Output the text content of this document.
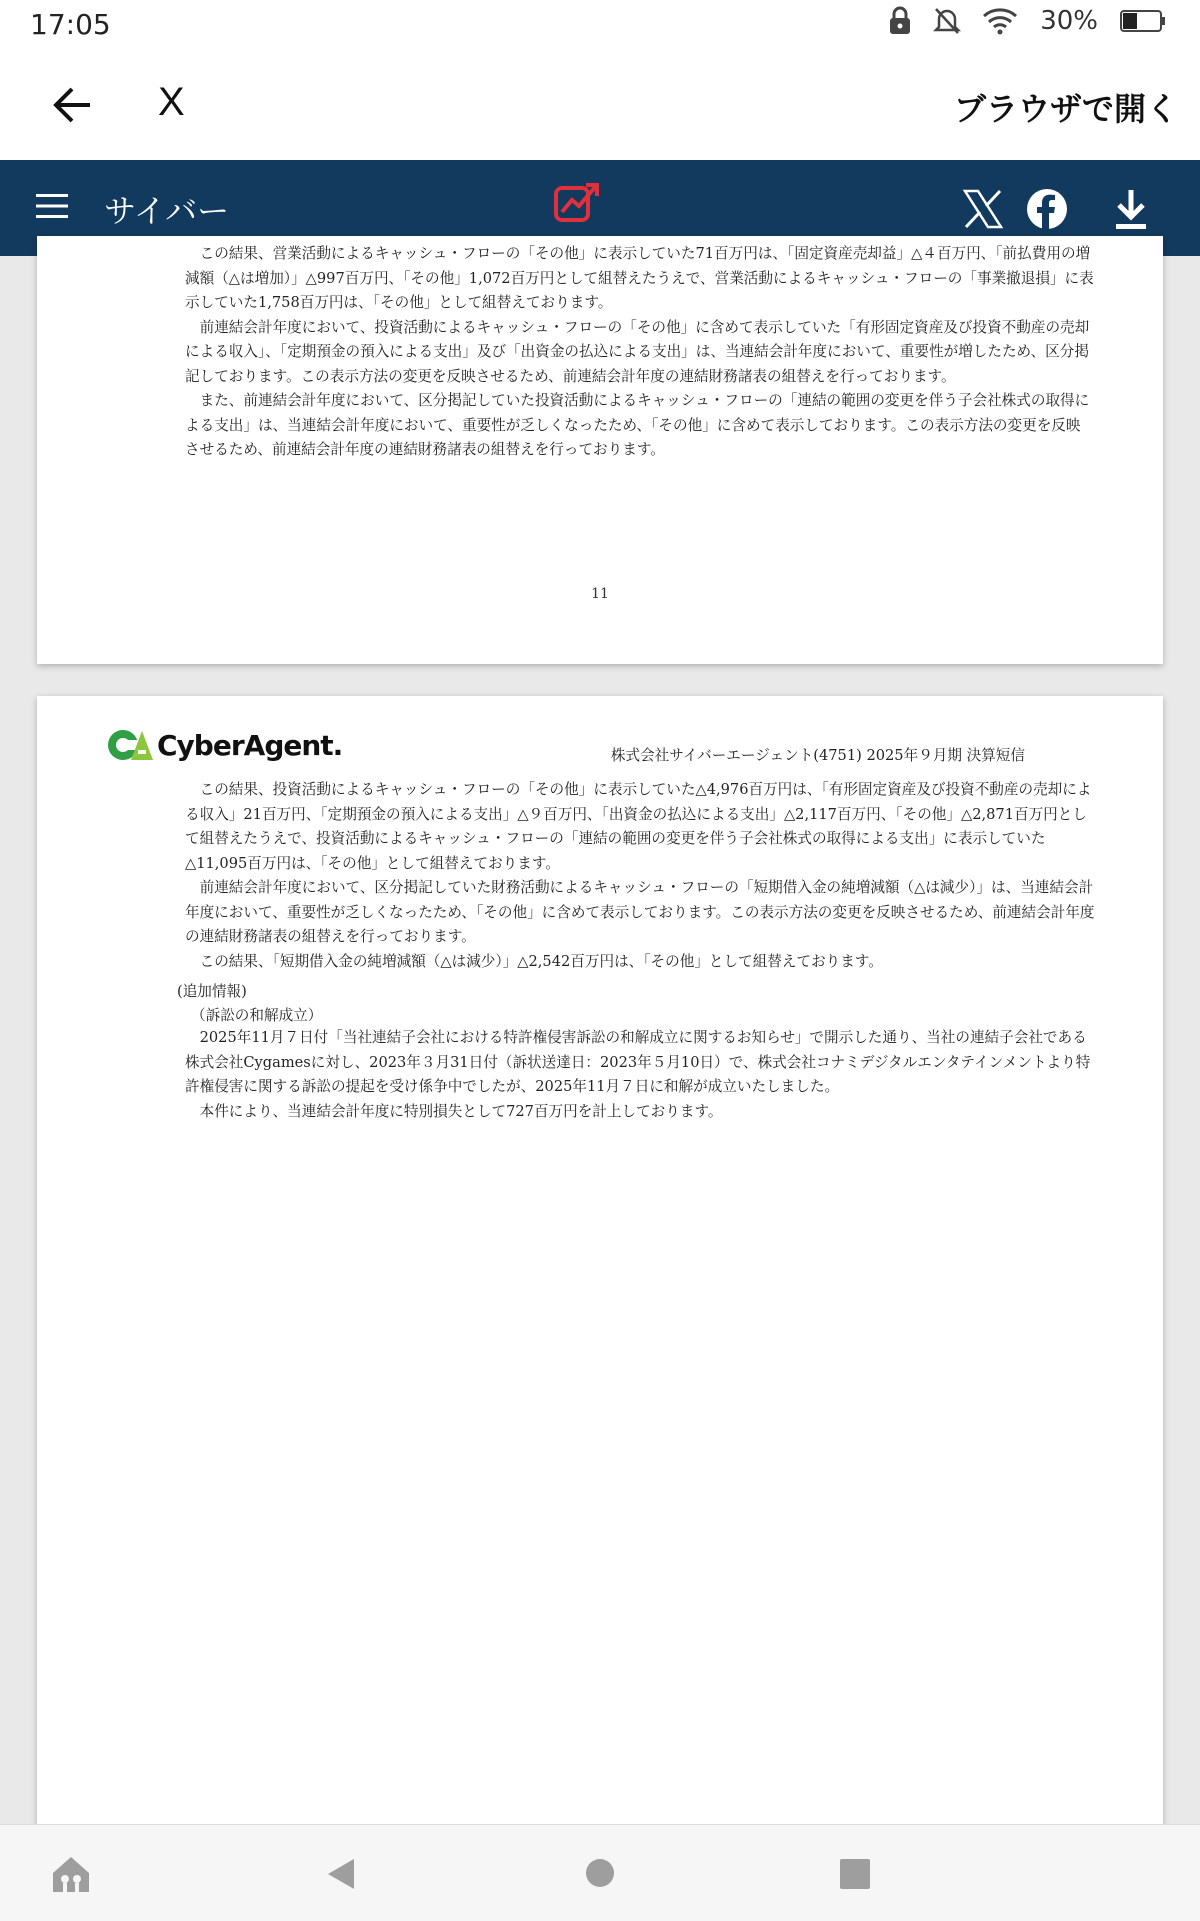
17:05	30%
X	ブラウザで開く
サイバー

この結果、営業活動によるキャッシュ・フローの「その他」に表示していた71百万円は、「固定資産売却益」△４百万円、「前払費用の増減額（△は増加）」△997百万円、「その他」1,072百万円として組替えたうえで、営業活動によるキャッシュ・フローの「事業撤退損」に表示していた1,758百万円は、「その他」として組替えております。

前連結会計年度において、投資活動によるキャッシュ・フローの「その他」に含めて表示していた「有形固定資産及び投資不動産の売却による収入」、「定期預金の預入による支出」及び「出資金の払込による支出」は、当連結会計年度において、重要性が増したため、区分掲記しております。この表示方法の変更を反映させるため、前連結会計年度の連結財務諸表の組替えを行っております。

また、前連結会計年度において、区分掲記していた投資活動によるキャッシュ・フローの「連結の範囲の変更を伴う子会社株式の取得による支出」は、当連結会計年度において、重要性が乏しくなったため、「その他」に含めて表示しております。この表示方法の変更を反映させるため、前連結会計年度の連結財務諸表の組替えを行っております。

11
CyberAgent.	株式会社サイバーエージェント(4751) 2025年９月期 決算短信

この結果、投資活動によるキャッシュ・フローの「その他」に表示していた△4,976百万円は、「有形固定資産及び投資不動産の売却による収入」21百万円、「定期預金の預入による支出」△９百万円、「出資金の払込による支出」△2,117百万円、「その他」△2,871百万円として組替えたうえで、投資活動によるキャッシュ・フローの「連結の範囲の変更を伴う子会社株式の取得による支出」に表示していた△11,095百万円は、「その他」として組替えております。

前連結会計年度において、区分掲記していた財務活動によるキャッシュ・フローの「短期借入金の純増減額（△は減少）」は、当連結会計年度において、重要性が乏しくなったため、「その他」に含めて表示しております。この表示方法の変更を反映させるため、前連結会計年度の連結財務諸表の組替えを行っております。

この結果、「短期借入金の純増減額（△は減少）」△2,542百万円は、「その他」として組替えております。

(追加情報)
（訴訟の和解成立）

2025年11月７日付「当社連結子会社における特許権侵害訴訟の和解成立に関するお知らせ」で開示した通り、当社の連結子会社である株式会社Cygamesに対し、2023年３月31日付（訴状送達日：2023年５月10日）で、株式会社コナミデジタルエンタテインメントより特許権侵害に関する訴訟の提起を受け係争中でしたが、2025年11月７日に和解が成立いたしました。

本件により、当連結会計年度に特別損失として727百万円を計上しております。
